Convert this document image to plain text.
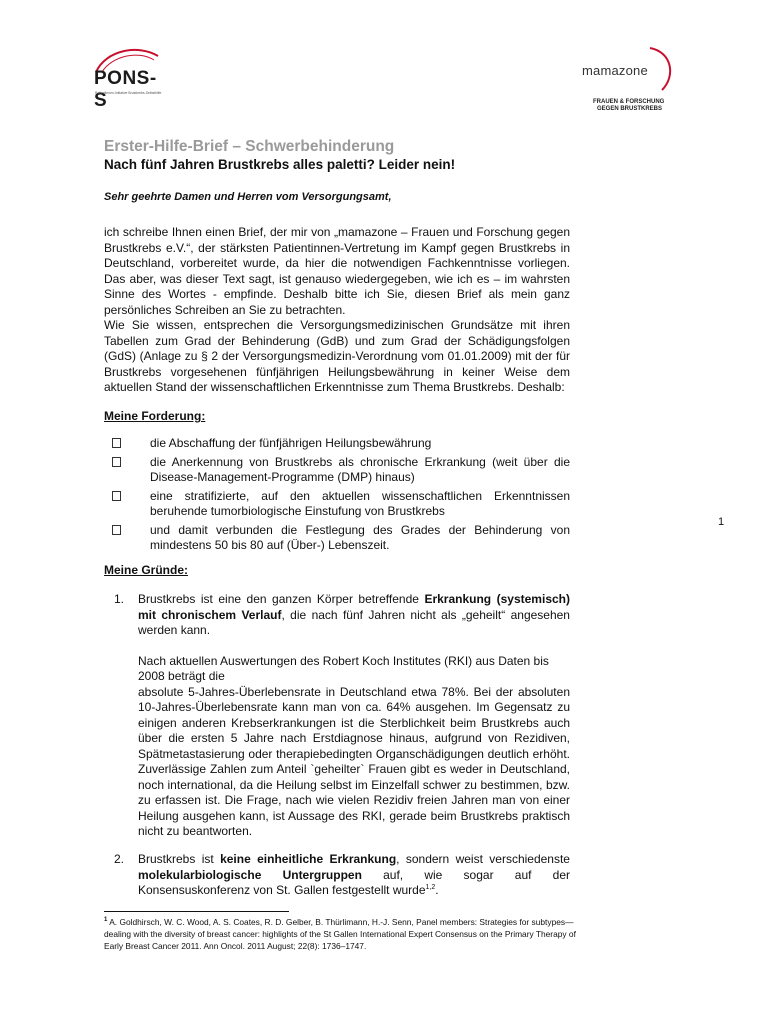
PONS-S
Patientinnen-Initiative Brustkrebs-Selbsthilfe
mamazone
FRAUEN & FORSCHUNG
GEGEN BRUSTKREBS
Erster-Hilfe-Brief – Schwerbehinderung
Nach fünf Jahren Brustkrebs alles paletti? Leider nein!

Sehr geehrte Damen und Herren vom Versorgungsamt,

ich schreibe Ihnen einen Brief, der mir von „mamazone – Frauen und Forschung gegen Brustkrebs e.V.“, der stärksten Patientinnen-Vertretung im Kampf gegen Brustkrebs in Deutschland, vorbereitet wurde, da hier die notwendigen Fachkenntnisse vorliegen. Das aber, was dieser Text sagt, ist genauso wiedergegeben, wie ich es – im wahrsten Sinne des Wortes - empfinde. Deshalb bitte ich Sie, diesen Brief als mein ganz persönliches Schreiben an Sie zu betrachten.

Wie Sie wissen, entsprechen die Versorgungsmedizinischen Grundsätze mit ihren Tabellen zum Grad der Behinderung (GdB) und zum Grad der Schädigungsfolgen (GdS) (Anlage zu § 2 der Versorgungsmedizin-Verordnung vom 01.01.2009) mit der für Brustkrebs vorgesehenen fünfjährigen Heilungsbewährung in keiner Weise dem aktuellen Stand der wissenschaftlichen Erkenntnisse zum Thema Brustkrebs. Deshalb:

Meine Forderung:

die Abschaffung der fünfjährigen Heilungsbewährung
die Anerkennung von Brustkrebs als chronische Erkrankung (weit über die Disease-Management-Programme (DMP) hinaus)
eine stratifizierte, auf den aktuellen wissenschaftlichen Erkenntnissen beruhende tumorbiologische Einstufung von Brustkrebs
und damit verbunden die Festlegung des Grades der Behinderung von mindestens 50 bis 80 auf (Über-) Lebenszeit.
1

Meine Gründe:

1. Brustkrebs ist eine den ganzen Körper betreffende Erkrankung (systemisch) mit chronischem Verlauf, die nach fünf Jahren nicht als „geheilt“ angesehen werden kann.

Nach aktuellen Auswertungen des Robert Koch Institutes (RKI) aus Daten bis 2008 beträgt die

absolute 5-Jahres-Überlebensrate in Deutschland etwa 78%. Bei der absoluten 10-Jahres-Überlebensrate kann man von ca. 64% ausgehen. Im Gegensatz zu einigen anderen Krebserkrankungen ist die Sterblichkeit beim Brustkrebs auch über die ersten 5 Jahre nach Erstdiagnose hinaus, aufgrund von Rezidiven, Spätmetastasierung oder therapiebedingten Organschädigungen deutlich erhöht. Zuverlässige Zahlen zum Anteil `geheilter` Frauen gibt es weder in Deutschland, noch international, da die Heilung selbst im Einzelfall schwer zu bestimmen, bzw. zu erfassen ist. Die Frage, nach wie vielen Rezidiv freien Jahren man von einer Heilung ausgehen kann, ist Aussage des RKI, gerade beim Brustkrebs praktisch nicht zu beantworten.

2. Brustkrebs ist keine einheitliche Erkrankung, sondern weist verschiedenste molekularbiologische Untergruppen auf, wie sogar auf der Konsensuskonferenz von St. Gallen festgestellt wurde$^{1,2}$.

$^1$ A. Goldhirsch, W. C. Wood, A. S. Coates, R. D. Gelber, B. Thürlimann, H.-J. Senn, Panel members: Strategies for subtypes—dealing with the diversity of breast cancer: highlights of the St Gallen International Expert Consensus on the Primary Therapy of Early Breast Cancer 2011. Ann Oncol. 2011 August; 22(8): 1736–1747.
